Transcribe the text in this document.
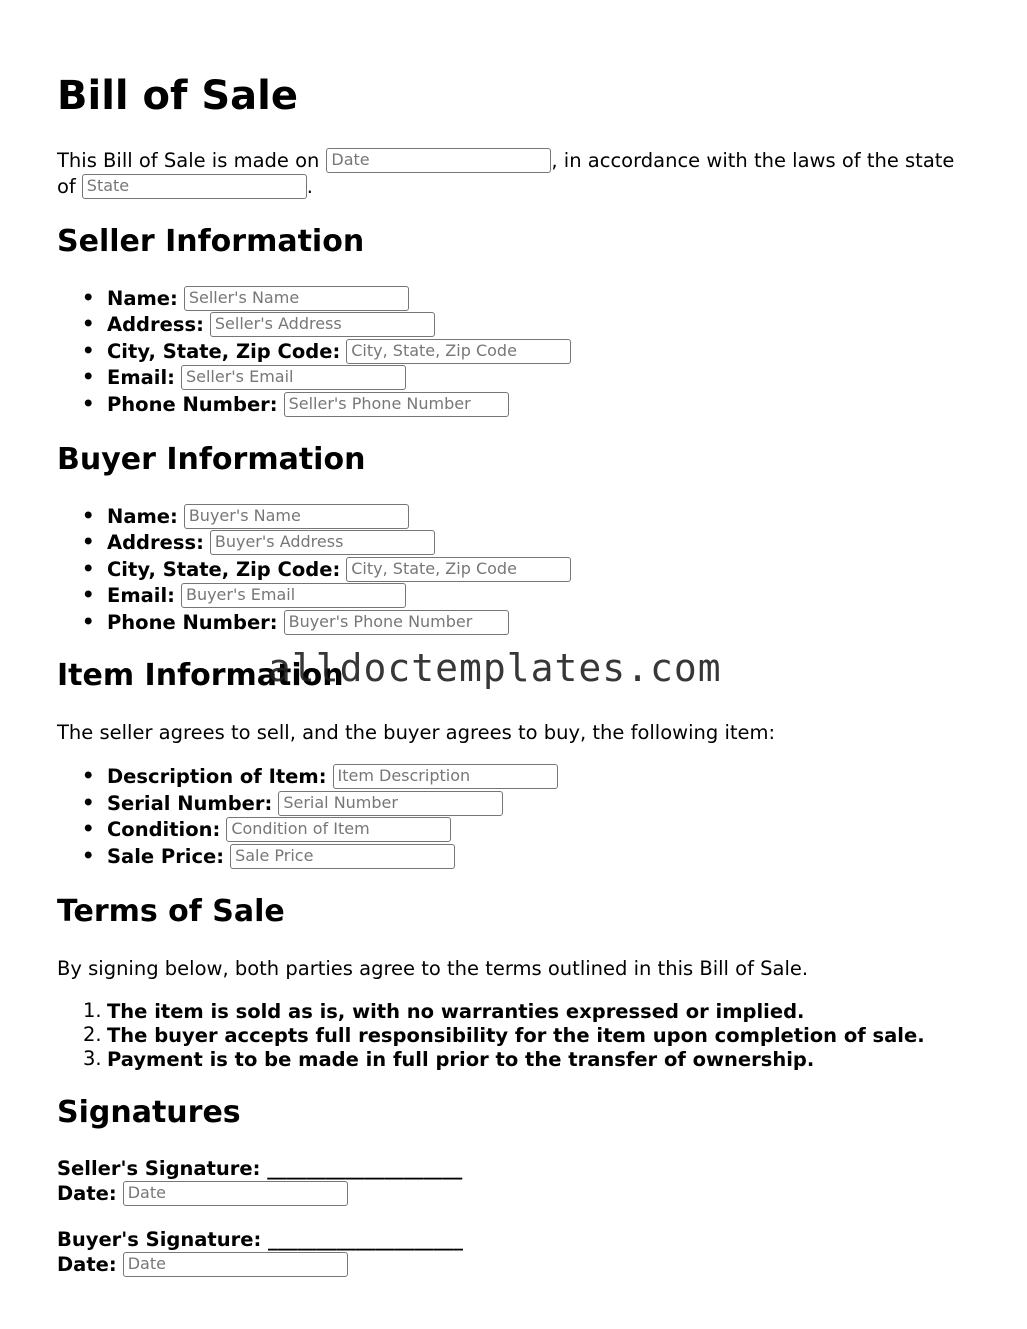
Bill of Sale
This Bill of Sale is made on Date	, in accordance with the laws of the state
of State	.
Seller Information
• Name:Seller's Name
• Address:Seller's Address
• City, State, Zip Code:City, State, Zip Code
• Email:Seller's Email
• Phone Number:Seller's Phone Number
Buyer Information
• Name:Buyer's Name
• Address:Buyer's Address
• City, State, Zip Code:City, State, Zip Code
• Email:Buyer's Email
• Phone Number:Buyer's Phone Number
Item Information
The seller agrees to sell, and the buyer agrees to buy, the following item:
• Description of Item:Item Description
• Serial Number:Serial Number
• Condition:Condition of Item
• Sale Price:Sale Price
Terms of Sale
By signing below, both parties agree to the terms outlined in this Bill of Sale.
1. The item is sold as is, with no warranties expressed or implied.
2. The buyer accepts full responsibility for the item upon completion of sale.
3. Payment is to be made in full prior to the transfer of ownership.
Signatures
Seller's Signature: ____________________
Date:Date
Buyer's Signature: ____________________
Date:Date
alldoctemplates.com
